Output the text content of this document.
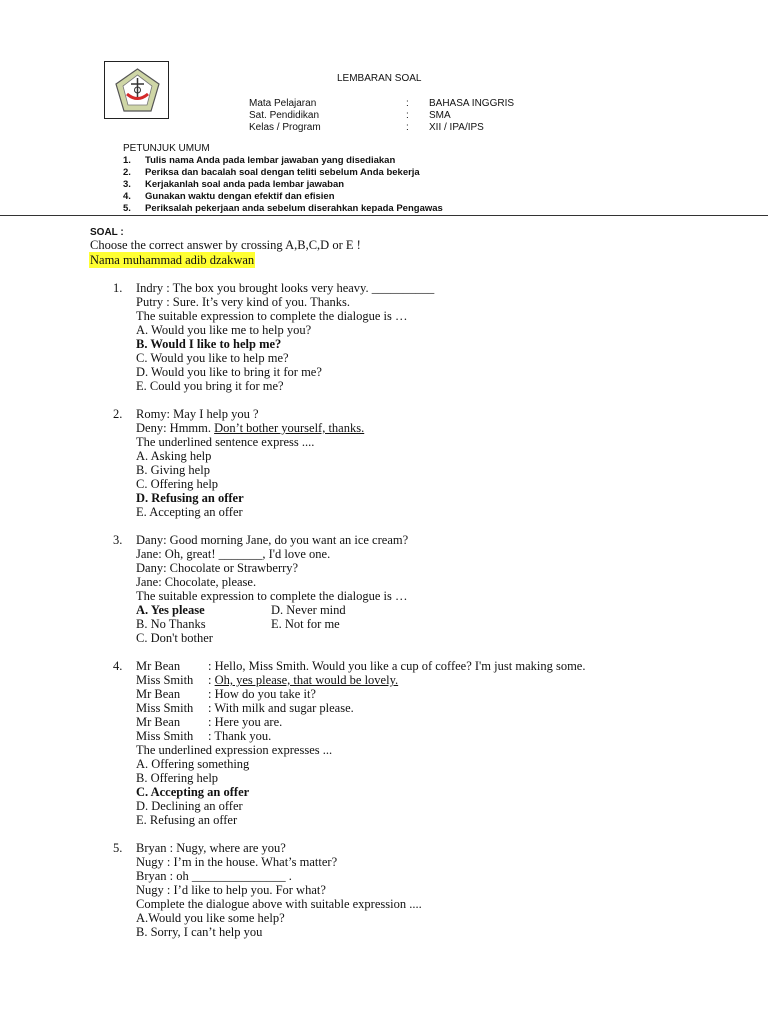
LEMBARAN SOAL
Mata Pelajaran	: BAHASA INGGRIS
Sat. Pendidikan	: SMA
Kelas / Program	: XII / IPA/IPS
PETUNJUK UMUM
1. Tulis nama Anda pada lembar jawaban yang disediakan
2. Periksa dan bacalah soal dengan teliti sebelum Anda bekerja
3. Kerjakanlah soal anda pada lembar jawaban
4. Gunakan waktu dengan efektif dan efisien
5. Periksalah pekerjaan anda sebelum diserahkan kepada Pengawas
SOAL :
Choose the correct answer by crossing A,B,C,D or E !
Nama muhammad adib dzakwan
1. Indry : The box you brought looks very heavy. __________
Putry : Sure. It’s very kind of you. Thanks.
The suitable expression to complete the dialogue is …
A. Would you like me to help you?
B. Would I like to help me?
C. Would you like to help me?
D. Would you like to bring it for me?
E. Could you bring it for me?
2. Romy: May I help you ?
Deny: Hmmm. Don’t bother yourself, thanks.
The underlined sentence express ....
A. Asking help
B. Giving help
C. Offering help
D. Refusing an offer
E. Accepting an offer
3. Dany: Good morning Jane, do you want an ice cream?
Jane: Oh, great! _______, I'd love one.
Dany: Chocolate or Strawberry?
Jane: Chocolate, please.
The suitable expression to complete the dialogue is …
A. Yes please	D. Never mind
B. No Thanks	E. Not for me
C. Don't bother
4. Mr Bean : Hello, Miss Smith. Would you like a cup of coffee? I'm just making some.
Miss Smith : Oh, yes please, that would be lovely.
Mr Bean : How do you take it?
Miss Smith : With milk and sugar please.
Mr Bean : Here you are.
Miss Smith : Thank you.
The underlined expression expresses ...
A. Offering something
B. Offering help
C. Accepting an offer
D. Declining an offer
E. Refusing an offer
5. Bryan : Nugy, where are you?
Nugy : I’m in the house. What’s matter?
Bryan : oh _______________ .
Nugy : I’d like to help you. For what?
Complete the dialogue above with suitable expression ....
A.Would you like some help?
B. Sorry, I can’t help you
